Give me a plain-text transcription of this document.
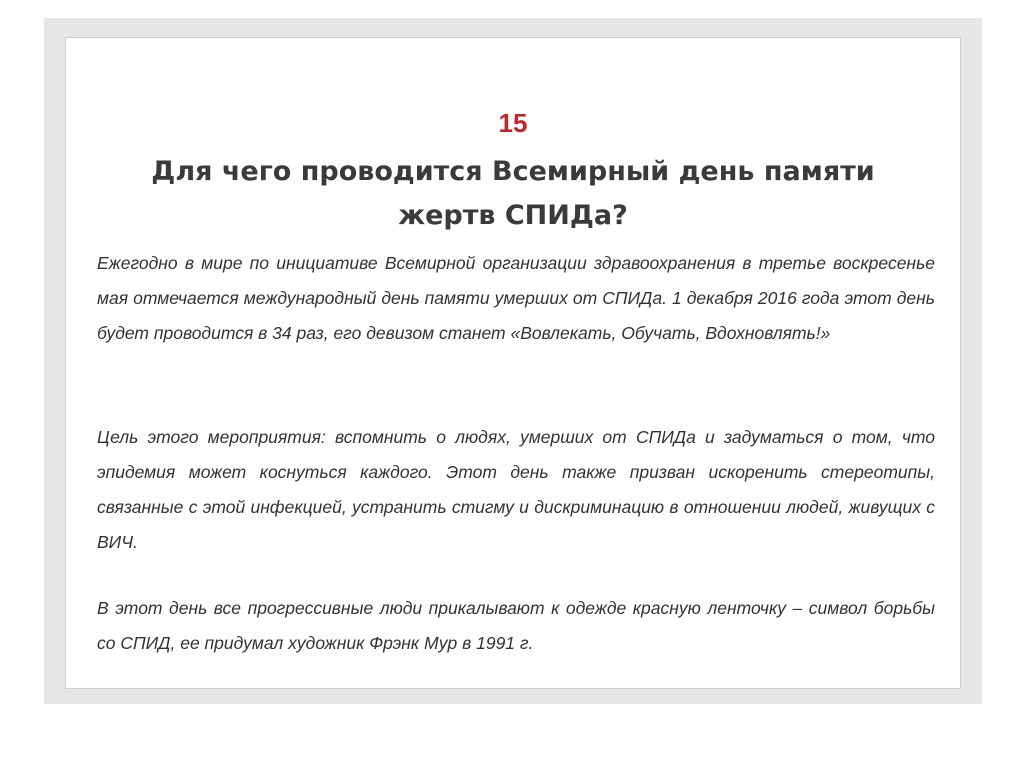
15
Для чего проводится Всемирный день памяти жертв СПИДа?
Ежегодно в мире по инициативе Всемирной организации здравоохранения в третье воскресенье мая отмечается международный день памяти умерших от СПИДа. 1 декабря 2016 года этот день будет проводится в 34 раз, его девизом станет «Вовлекать, Обучать, Вдохновлять!»
Цель этого мероприятия: вспомнить о людях, умерших от СПИДа и задуматься о том, что эпидемия может коснуться каждого. Этот день также призван искоренить стереотипы, связанные с этой инфекцией, устранить стигму и дискриминацию в отношении людей, живущих с ВИЧ.
В этот день все прогрессивные люди прикалывают к одежде красную ленточку – символ борьбы со СПИД, ее придумал художник Фрэнк Мур в 1991 г.
